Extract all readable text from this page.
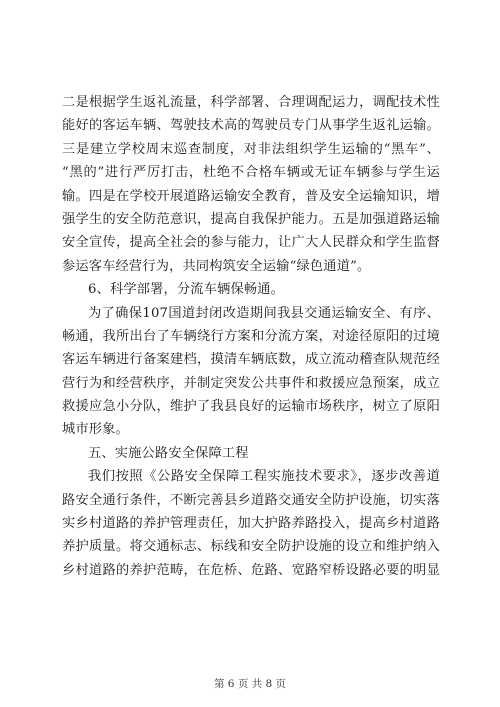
二是根据学生返礼流量，科学部署、合理调配运力，调配技术性
能好的客运车辆、驾驶技术高的驾驶员专门从事学生返礼运输。
三是建立学校周末巡查制度，对非法组织学生运输的“黑车”、
“黑的”进行严厉打击，杜绝不合格车辆或无证车辆参与学生运
输。四是在学校开展道路运输安全教育，普及安全运输知识，增
强学生的安全防范意识，提高自我保护能力。五是加强道路运输
安全宣传，提高全社会的参与能力，让广大人民群众和学生监督
参运客车经营行为，共同构筑安全运输“绿色通道”。
6、科学部署，分流车辆保畅通。
为了确保107国道封闭改造期间我县交通运输安全、有序、
畅通，我所出台了车辆绕行方案和分流方案，对途径原阳的过境
客运车辆进行备案建档，摸清车辆底数，成立流动稽查队规范经
营行为和经营秩序，并制定突发公共事件和救援应急预案，成立
救援应急小分队，维护了我县良好的运输市场秩序，树立了原阳
城市形象。
五、实施公路安全保障工程
我们按照《公路安全保障工程实施技术要求》，逐步改善道
路安全通行条件，不断完善县乡道路交通安全防护设施，切实落
实乡村道路的养护管理责任，加大护路养路投入，提高乡村道路
养护质量。将交通标志、标线和安全防护设施的设立和维护纳入
乡村道路的养护范畴，在危桥、危路、宽路窄桥设路必要的明显
第 6 页 共 8 页
